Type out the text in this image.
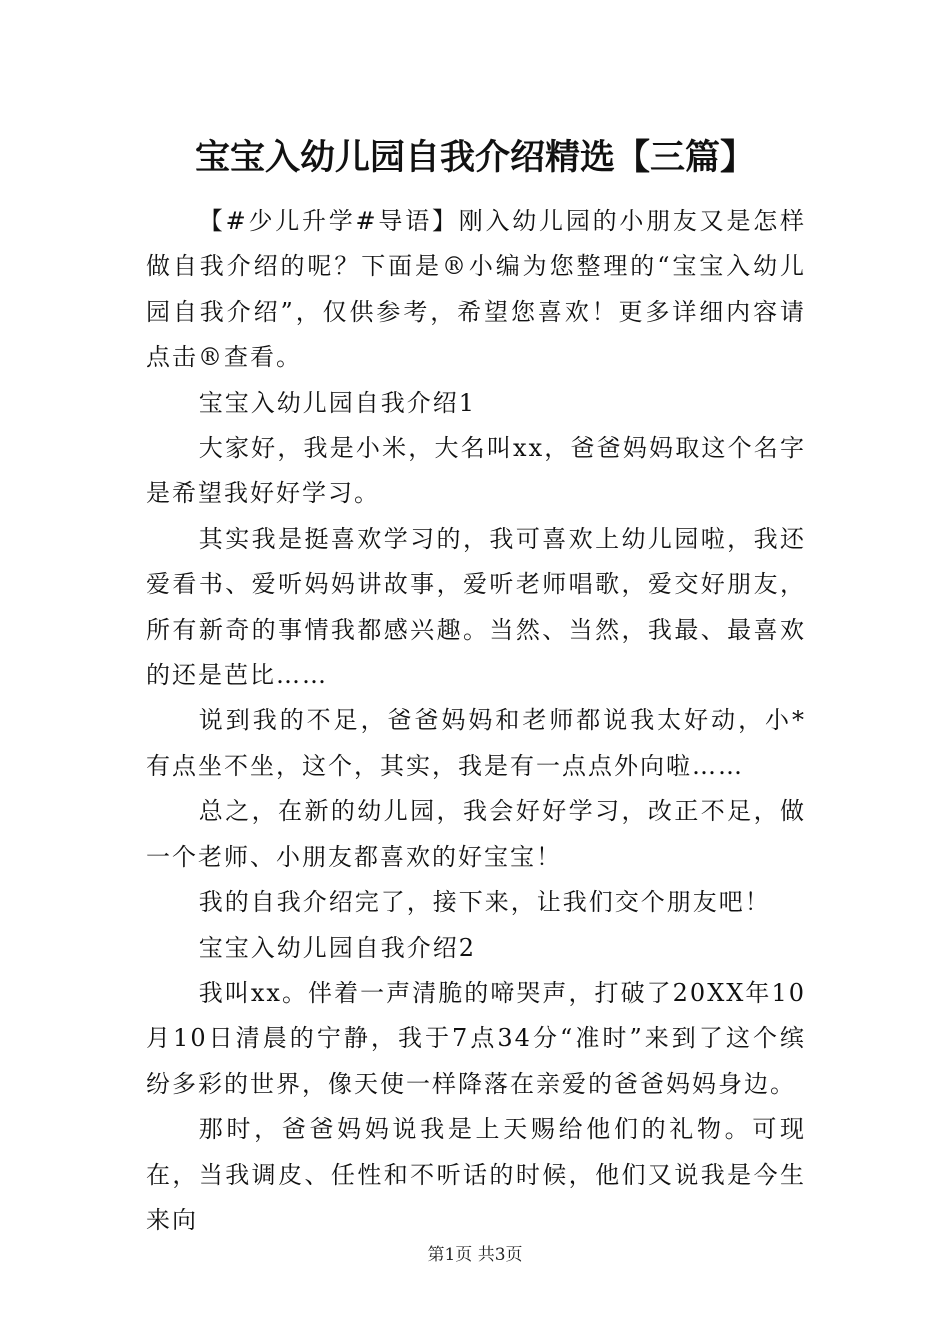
宝宝入幼儿园自我介绍精选【三篇】

【#少儿升学#导语】刚入幼儿园的小朋友又是怎样做自我介绍的呢？下面是®小编为您整理的“宝宝入幼儿园自我介绍”，仅供参考，希望您喜欢！更多详细内容请点击®查看。

宝宝入幼儿园自我介绍1

大家好，我是小米，大名叫xx，爸爸妈妈取这个名字是希望我好好学习。

其实我是挺喜欢学习的，我可喜欢上幼儿园啦，我还爱看书、爱听妈妈讲故事，爱听老师唱歌，爱交好朋友，所有新奇的事情我都感兴趣。当然、当然，我最、最喜欢的还是芭比……

说到我的不足，爸爸妈妈和老师都说我太好动，小*有点坐不坐，这个，其实，我是有一点点外向啦……

总之，在新的幼儿园，我会好好学习，改正不足，做一个老师、小朋友都喜欢的好宝宝！

我的自我介绍完了，接下来，让我们交个朋友吧！

宝宝入幼儿园自我介绍2

我叫xx。伴着一声清脆的啼哭声，打破了20XX年10月10日清晨的宁静，我于7点34分“准时”来到了这个缤纷多彩的世界，像天使一样降落在亲爱的爸爸妈妈身边。

那时，爸爸妈妈说我是上天赐给他们的礼物。可现在，当我调皮、任性和不听话的时候，他们又说我是今生来向

第1页 共3页
